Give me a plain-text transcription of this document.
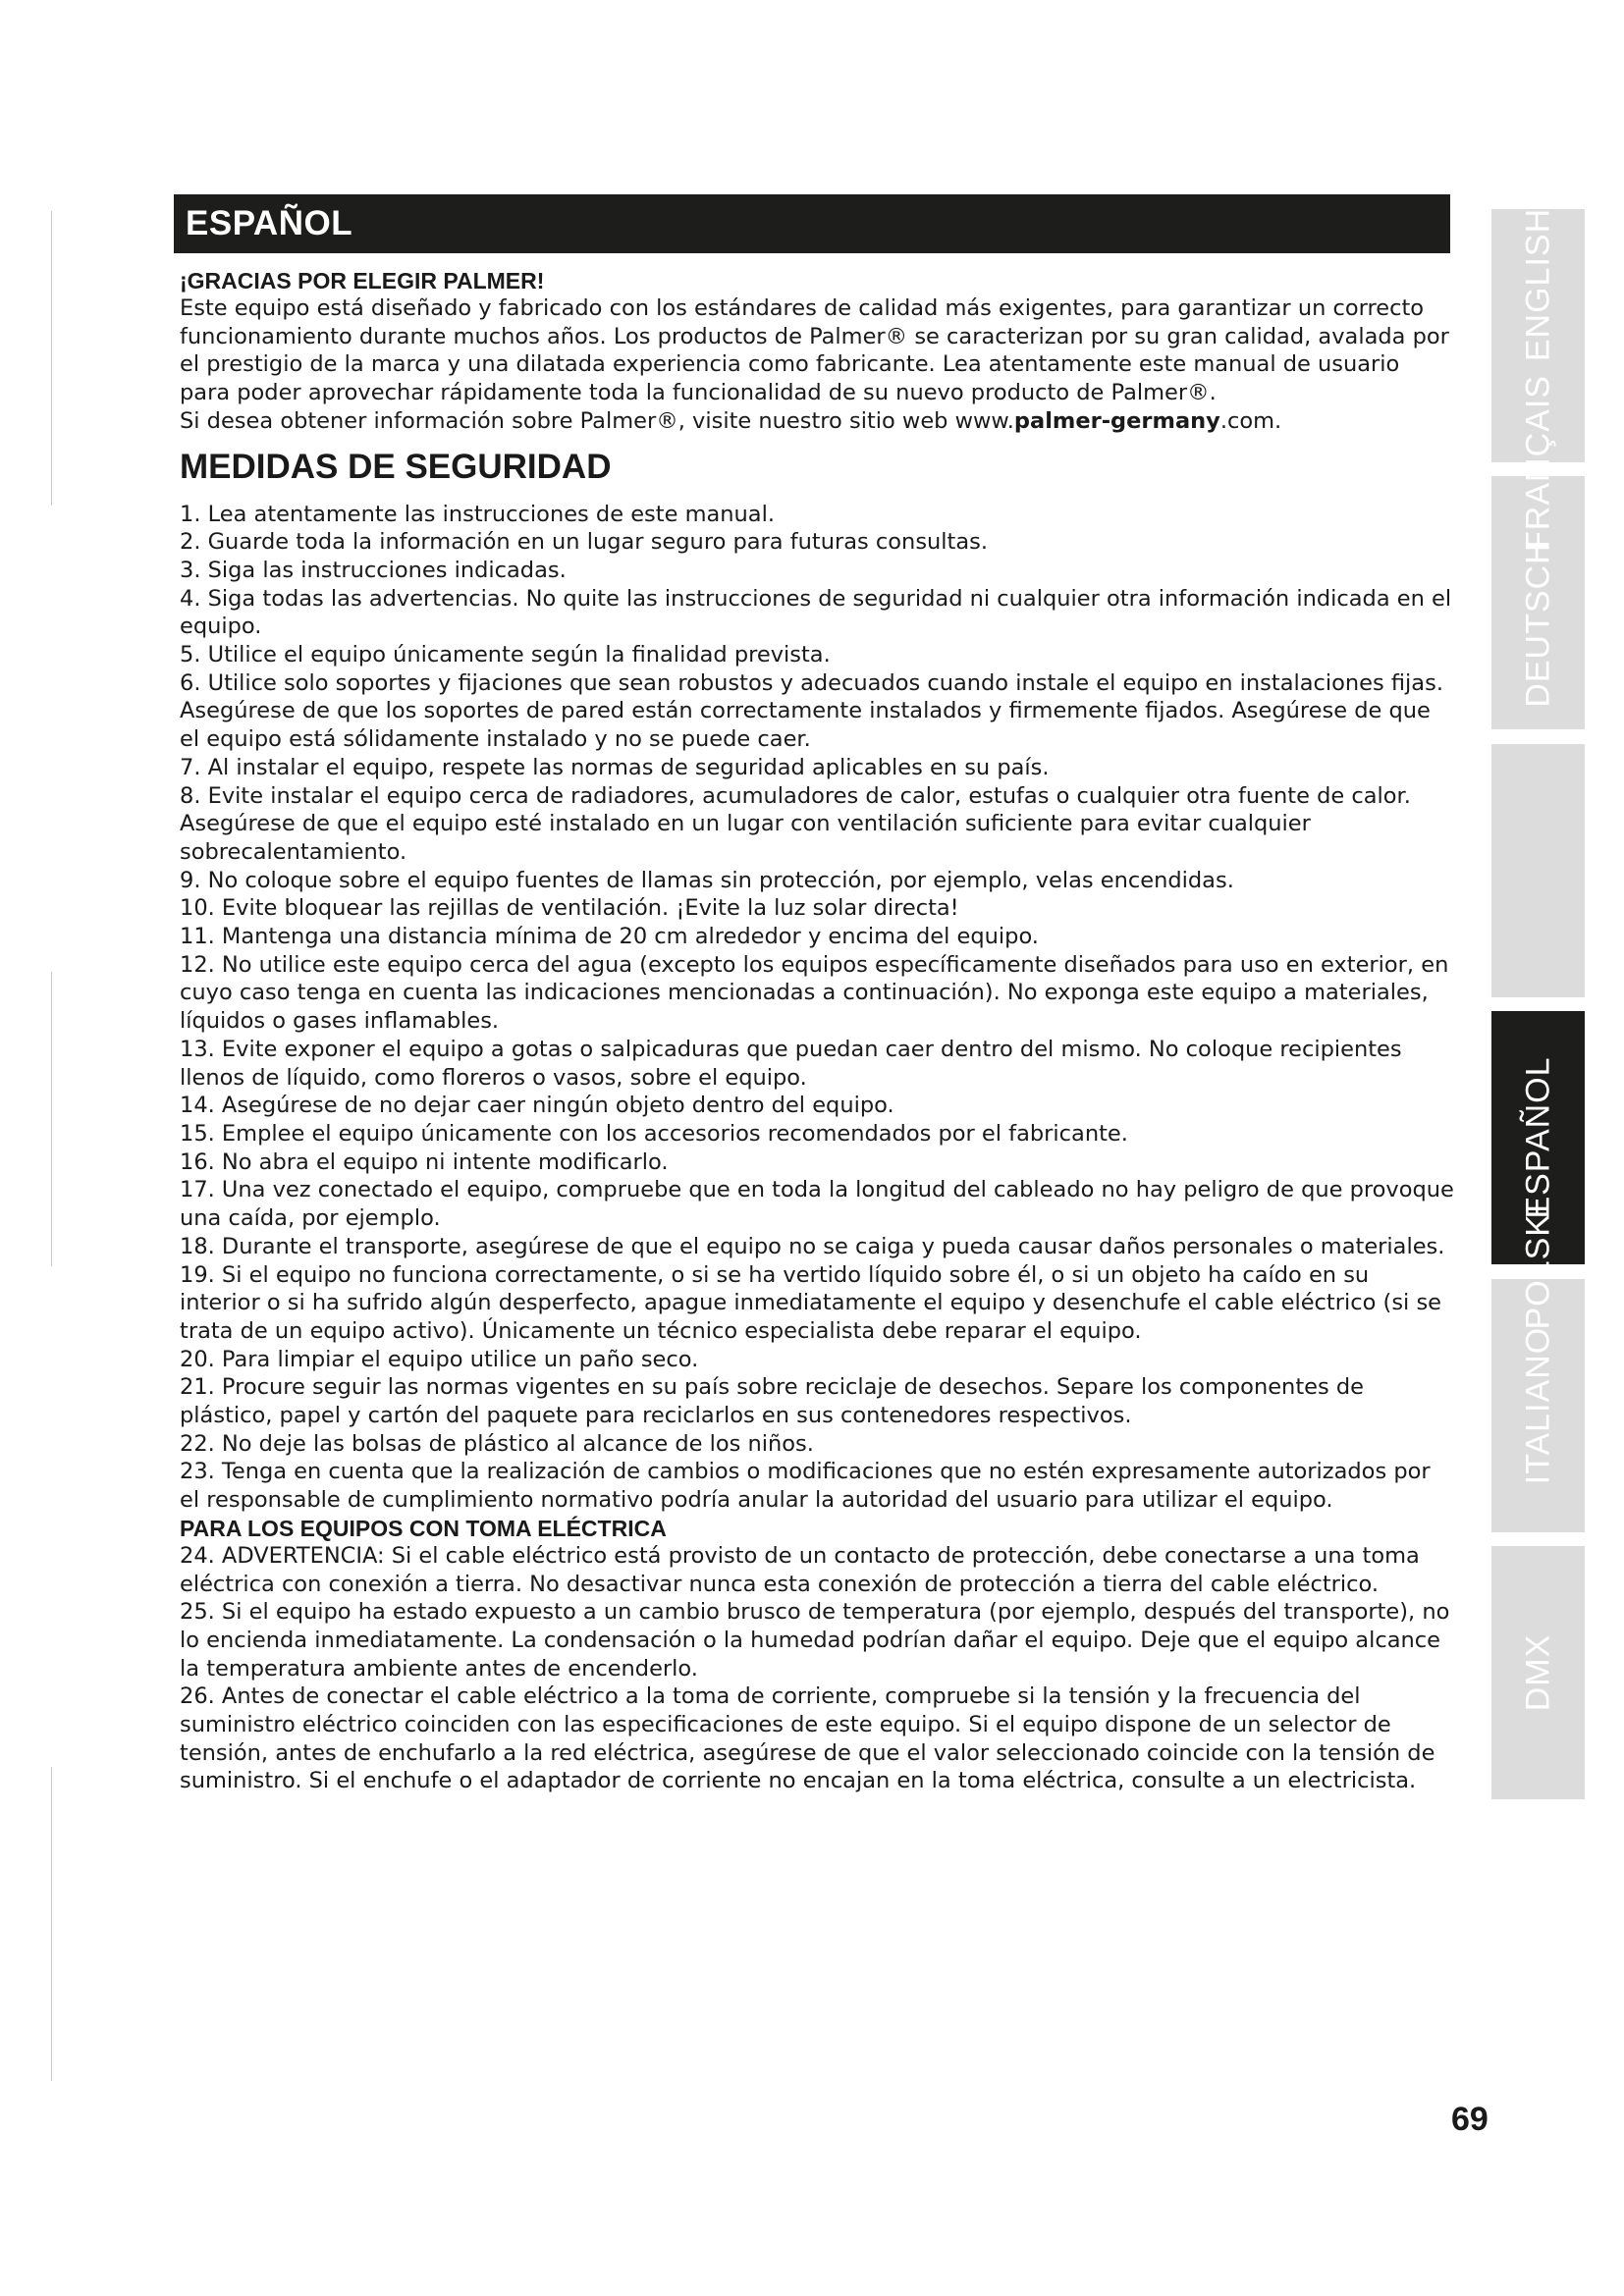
ESPAÑOL

¡GRACIAS POR ELEGIR PALMER!

Este equipo está diseñado y fabricado con los estándares de calidad más exigentes, para garantizar un correcto funcionamiento durante muchos años. Los productos de Palmer® se caracterizan por su gran calidad, avalada por el prestigio de la marca y una dilatada experiencia como fabricante. Lea atentamente este manual de usuario para poder aprovechar rápidamente toda la funcionalidad de su nuevo producto de Palmer®.

Si desea obtener información sobre Palmer®, visite nuestro sitio web www.palmer-germany.com.

MEDIDAS DE SEGURIDAD
1. Lea atentamente las instrucciones de este manual.
2. Guarde toda la información en un lugar seguro para futuras consultas.
3. Siga las instrucciones indicadas.
4. Siga todas las advertencias. No quite las instrucciones de seguridad ni cualquier otra información indicada en el equipo.
5. Utilice el equipo únicamente según la finalidad prevista.
6. Utilice solo soportes y fijaciones que sean robustos y adecuados cuando instale el equipo en instalaciones fijas. Asegúrese de que los soportes de pared están correctamente instalados y firmemente fijados. Asegúrese de que el equipo está sólidamente instalado y no se puede caer.
7. Al instalar el equipo, respete las normas de seguridad aplicables en su país.
8. Evite instalar el equipo cerca de radiadores, acumuladores de calor, estufas o cualquier otra fuente de calor. Asegúrese de que el equipo esté instalado en un lugar con ventilación suficiente para evitar cualquier sobrecalentamiento.
9. No coloque sobre el equipo fuentes de llamas sin protección, por ejemplo, velas encendidas.
10. Evite bloquear las rejillas de ventilación. ¡Evite la luz solar directa!
11. Mantenga una distancia mínima de 20 cm alrededor y encima del equipo.
12. No utilice este equipo cerca del agua (excepto los equipos específicamente diseñados para uso en exterior, en cuyo caso tenga en cuenta las indicaciones mencionadas a continuación). No exponga este equipo a materiales, líquidos o gases inflamables.
13. Evite exponer el equipo a gotas o salpicaduras que puedan caer dentro del mismo. No coloque recipientes llenos de líquido, como floreros o vasos, sobre el equipo.
14. Asegúrese de no dejar caer ningún objeto dentro del equipo.
15. Emplee el equipo únicamente con los accesorios recomendados por el fabricante.
16. No abra el equipo ni intente modificarlo.
17. Una vez conectado el equipo, compruebe que en toda la longitud del cableado no hay peligro de que provoque una caída, por ejemplo.
18. Durante el transporte, asegúrese de que el equipo no se caiga y pueda causar daños personales o materiales.
19. Si el equipo no funciona correctamente, o si se ha vertido líquido sobre él, o si un objeto ha caído en su interior o si ha sufrido algún desperfecto, apague inmediatamente el equipo y desenchufe el cable eléctrico (si se trata de un equipo activo). Únicamente un técnico especialista debe reparar el equipo.
20. Para limpiar el equipo utilice un paño seco.
21. Procure seguir las normas vigentes en su país sobre reciclaje de desechos. Separe los componentes de plástico, papel y cartón del paquete para reciclarlos en sus contenedores respectivos.
22. No deje las bolsas de plástico al alcance de los niños.
23. Tenga en cuenta que la realización de cambios o modificaciones que no estén expresamente autorizados por el responsable de cumplimiento normativo podría anular la autoridad del usuario para utilizar el equipo.

PARA LOS EQUIPOS CON TOMA ELÉCTRICA

24. ADVERTENCIA: Si el cable eléctrico está provisto de un contacto de protección, debe conectarse a una toma eléctrica con conexión a tierra. No desactivar nunca esta conexión de protección a tierra del cable eléctrico.
25. Si el equipo ha estado expuesto a un cambio brusco de temperatura (por ejemplo, después del transporte), no lo encienda inmediatamente. La condensación o la humedad podrían dañar el equipo. Deje que el equipo alcance la temperatura ambiente antes de encenderlo.
26. Antes de conectar el cable eléctrico a la toma de corriente, compruebe si la tensión y la frecuencia del suministro eléctrico coinciden con las especificaciones de este equipo. Si el equipo dispone de un selector de tensión, antes de enchufarlo a la red eléctrica, asegúrese de que el valor seleccionado coincide con la tensión de suministro. Si el enchufe o el adaptador de corriente no encajan en la toma eléctrica, consulte a un electricista.
ENGLISH
FRANÇAIS
DEUTSCH
ESPAÑOL
POLSKI
ITALIANO
DMX
69
